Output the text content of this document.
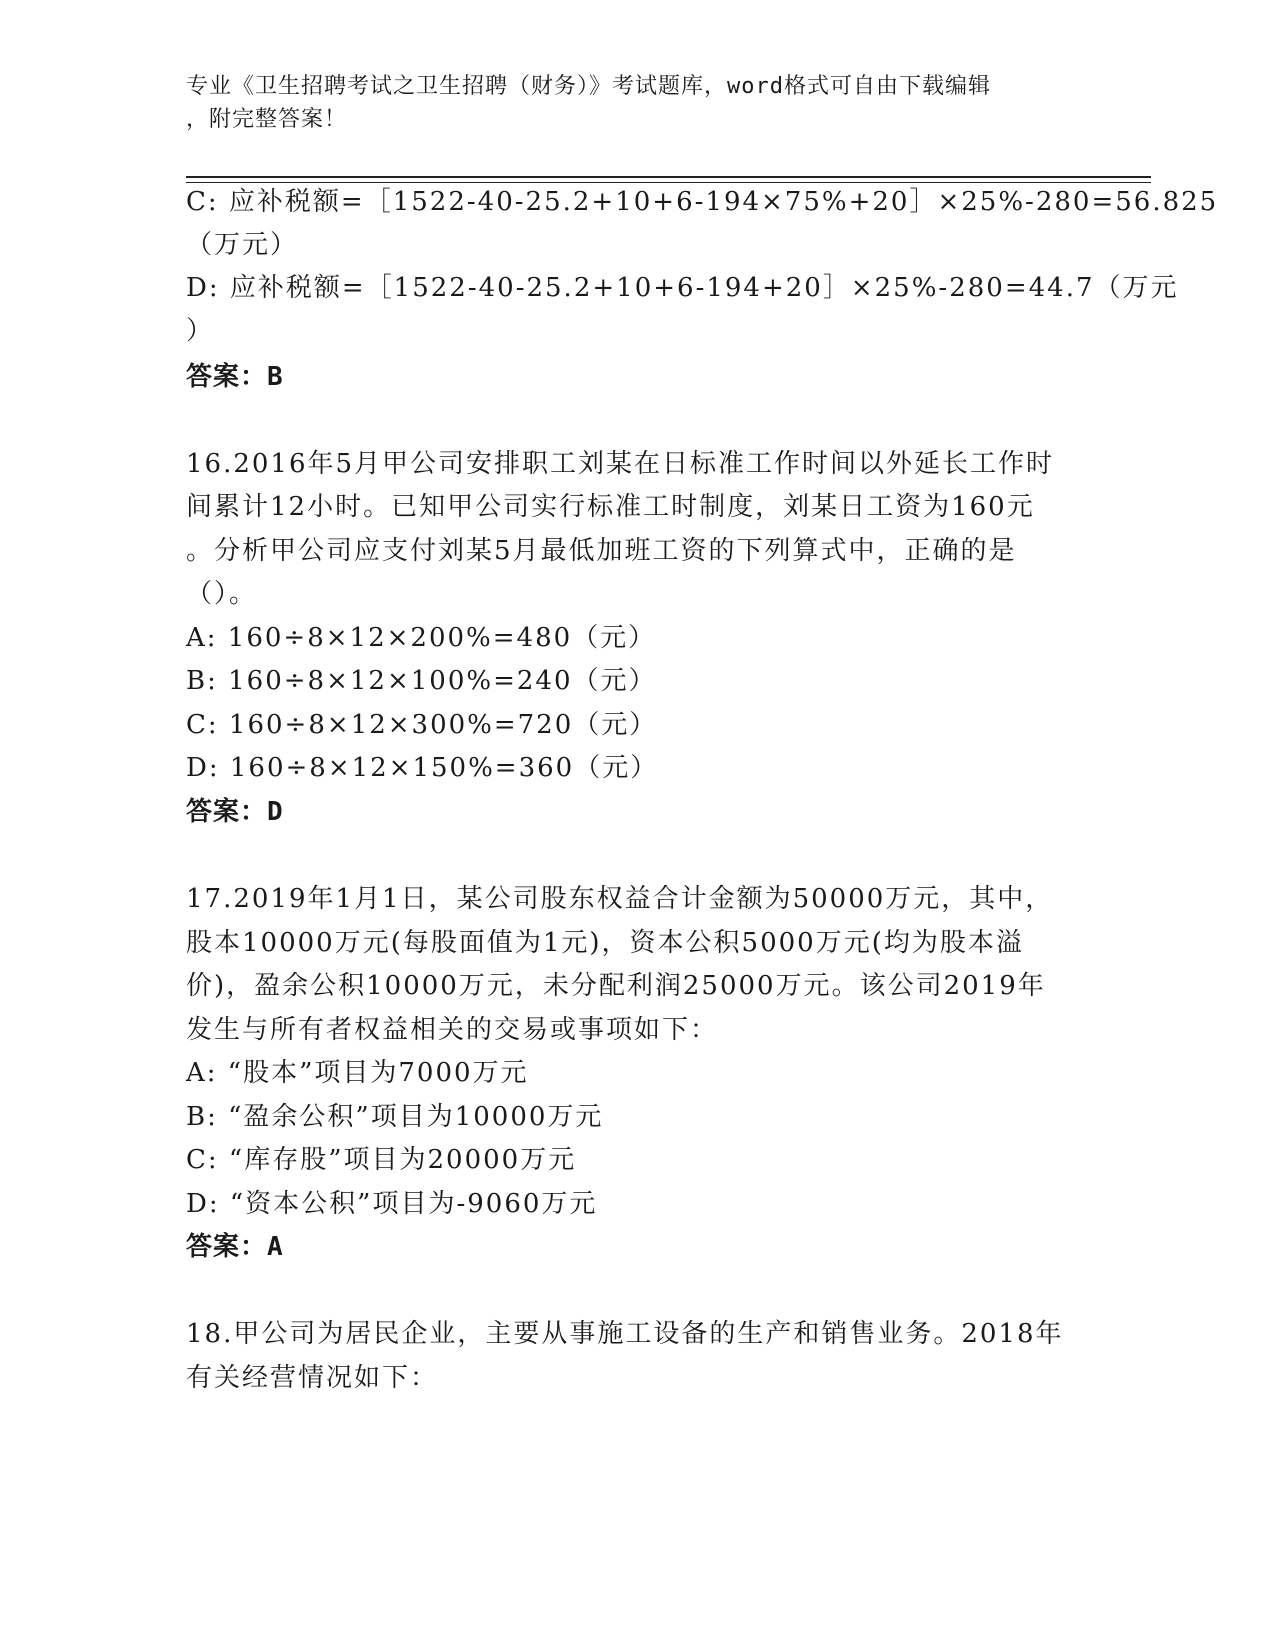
专业《卫生招聘考试之卫生招聘（财务）》考试题库，word格式可自由下载编辑
，附完整答案！
C: 应补税额=［1522-40-25.2+10+6-194×75%+20］×25%-280=56.825
（万元）
D: 应补税额=［1522-40-25.2+10+6-194+20］×25%-280=44.7（万元
）
答案：B
16.2016年5月甲公司安排职工刘某在日标准工作时间以外延长工作时
间累计12小时。已知甲公司实行标准工时制度，刘某日工资为160元
。分析甲公司应支付刘某5月最低加班工资的下列算式中，正确的是
（）。
A: 160÷8×12×200%=480（元）
B: 160÷8×12×100%=240（元）
C: 160÷8×12×300%=720（元）
D: 160÷8×12×150%=360（元）
答案：D
17.2019年1月1日，某公司股东权益合计金额为50000万元，其中，
股本10000万元(每股面值为1元)，资本公积5000万元(均为股本溢
价)，盈余公积10000万元，未分配利润25000万元。该公司2019年
发生与所有者权益相关的交易或事项如下：
A: “股本”项目为7000万元
B: “盈余公积”项目为10000万元
C: “库存股”项目为20000万元
D: “资本公积”项目为-9060万元
答案：A
18.甲公司为居民企业，主要从事施工设备的生产和销售业务。2018年
有关经营情况如下：
